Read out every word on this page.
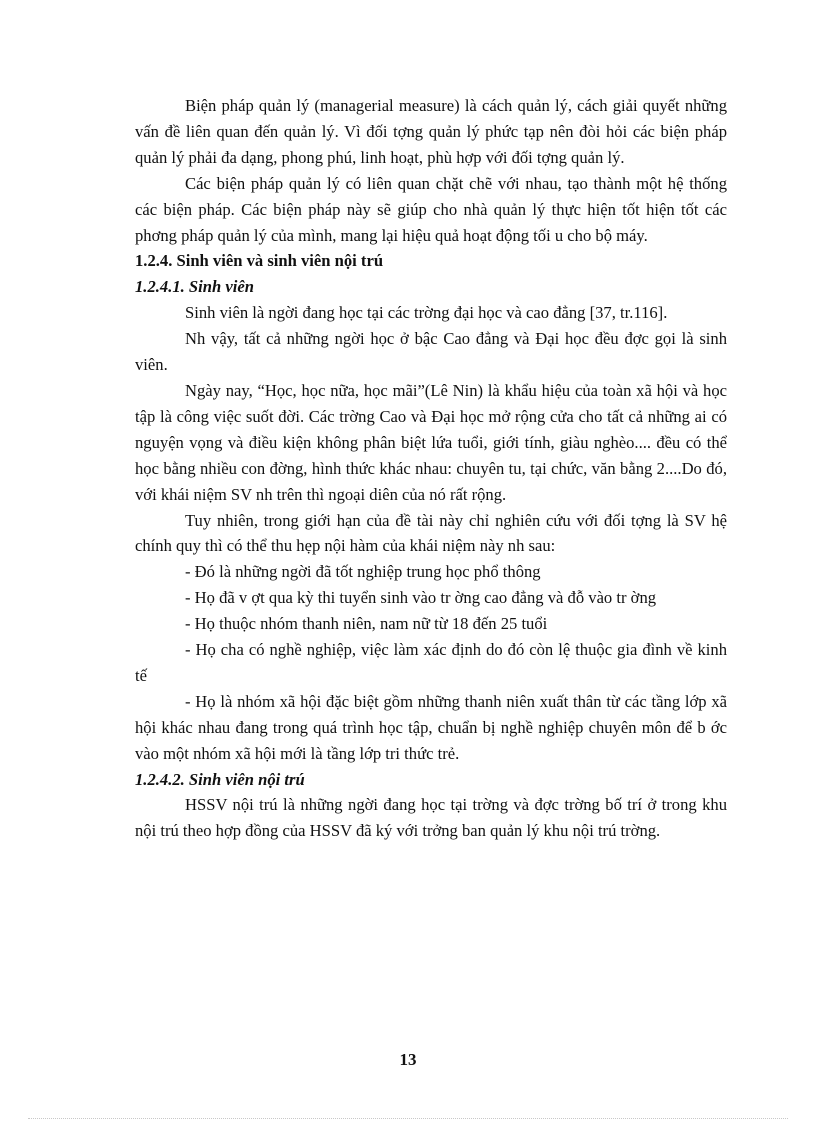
Biện pháp quản lý (managerial measure) là cách quản lý, cách giải quyết những vấn đề liên quan đến quản lý. Vì đối tợng quản lý phức tạp nên đòi hỏi các biện pháp quản lý phải đa dạng, phong phú, linh hoạt, phù hợp với đối tợng quản lý.

Các biện pháp quản lý có liên quan chặt chẽ với nhau, tạo thành một hệ thống các biện pháp. Các biện pháp này sẽ giúp cho nhà quản lý thực hiện tốt hiện tốt các phơng pháp quản lý của mình, mang lại hiệu quả hoạt động tối u cho bộ máy.

1.2.4. Sinh viên và sinh viên nội trú

1.2.4.1. Sinh viên

Sinh viên là ngời đang học tại các trờng đại học và cao đẳng [37, tr.116].

Nh vậy, tất cả những ngời học ở bậc Cao đẳng và Đại học đều đợc gọi là sinh viên.

Ngày nay, “Học, học nữa, học mãi”(Lê Nin) là khẩu hiệu của toàn xã hội và học tập là công việc suốt đời. Các trờng Cao và Đại học mở rộng cửa cho tất cả những ai có nguyện vọng và điều kiện không phân biệt lứa tuổi, giới tính, giàu nghèo.... đều có thể học bằng nhiều con đờng, hình thức khác nhau: chuyên tu, tại chức, văn bằng 2....Do đó, với khái niệm SV nh trên thì ngoại diên của nó rất rộng.

Tuy nhiên, trong giới hạn của đề tài này chỉ nghiên cứu với đối tợng là SV hệ chính quy thì có thể thu hẹp nội hàm của khái niệm này nh sau:

- Đó là những ngời đã tốt nghiệp trung học phổ thông

- Họ đã v ợt qua kỳ thi tuyển sinh vào tr ờng cao đẳng và đỗ vào tr ờng

- Họ thuộc nhóm thanh niên, nam nữ từ 18 đến 25 tuổi

- Họ cha có nghề nghiệp, việc làm xác định do đó còn lệ thuộc gia đình về kinh tế

- Họ là nhóm xã hội đặc biệt gồm những thanh niên xuất thân từ các tầng lớp xã hội khác nhau đang trong quá trình học tập, chuẩn bị nghề nghiệp chuyên môn để b ớc vào một nhóm xã hội mới là tầng lớp tri thức trẻ.

1.2.4.2. Sinh viên nội trú

HSSV nội trú là những ngời đang học tại trờng và đợc trờng bố trí ở trong khu nội trú theo hợp đồng của HSSV đã ký với trởng ban quản lý khu nội trú trờng.

13
